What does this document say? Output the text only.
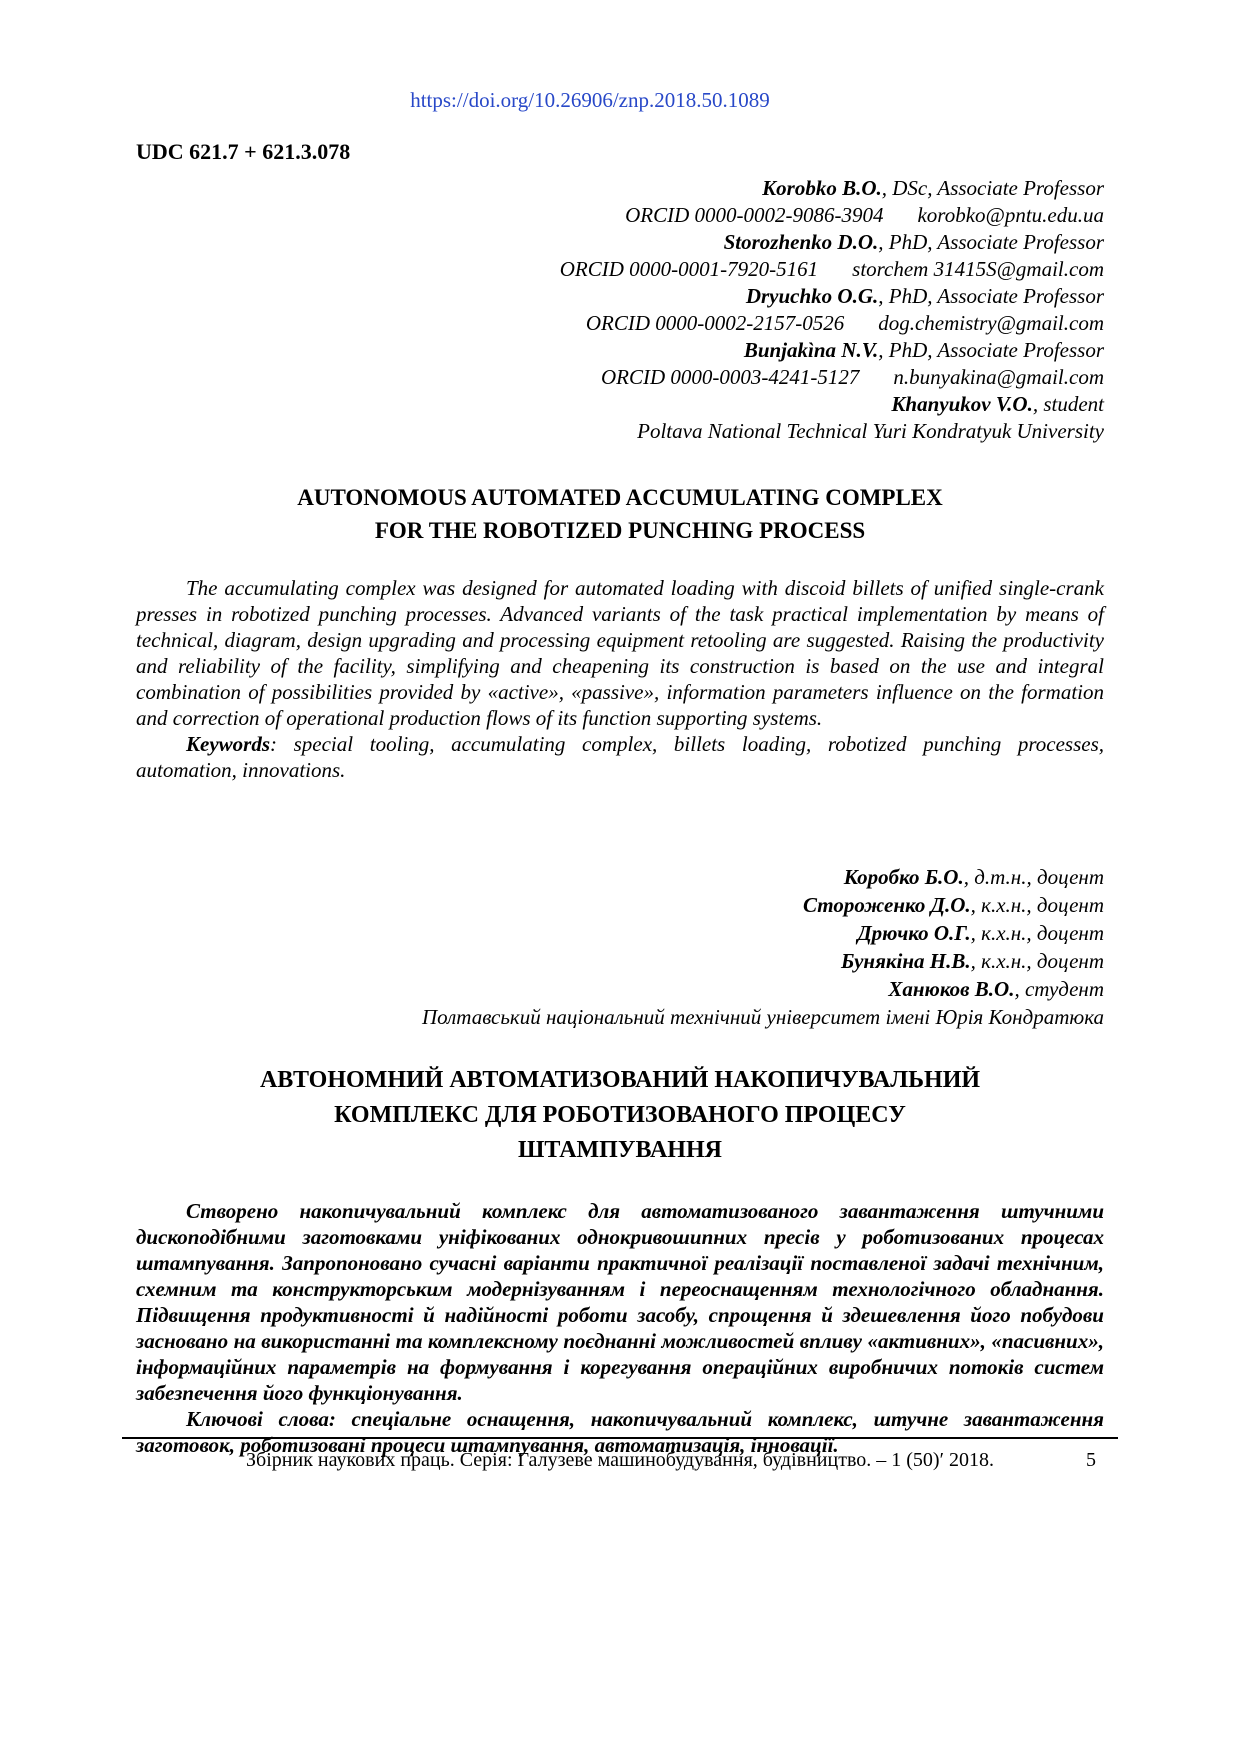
https://doi.org/10.26906/znp.2018.50.1089
UDC 621.7 + 621.3.078
Korobko B.O., DSc, Associate Professor
ORCID 0000-0002-9086-3904 korobko@pntu.edu.ua
Storozhenko D.O., PhD, Associate Professor
ORCID 0000-0001-7920-5161 storchem 31415S@gmail.com
Dryuchko O.G., PhD, Associate Professor
ORCID 0000-0002-2157-0526 dog.chemistry@gmail.com
Bunjakìna N.V., PhD, Associate Professor
ORCID 0000-0003-4241-5127 n.bunyakina@gmail.com
Khanyukov V.O., student
Poltava National Technical Yuri Kondratyuk University
AUTONOMOUS AUTOMATED ACCUMULATING COMPLEX
FOR THE ROBOTIZED PUNCHING PROCESS

The accumulating complex was designed for automated loading with discoid billets of unified single-crank presses in robotized punching processes. Advanced variants of the task practical implementation by means of technical, diagram, design upgrading and processing equipment retooling are suggested. Raising the productivity and reliability of the facility, simplifying and cheapening its construction is based on the use and integral combination of possibilities provided by «active», «passive», information parameters influence on the formation and correction of operational production flows of its function supporting systems.

Keywords: special tooling, accumulating complex, billets loading, robotized punching processes, automation, innovations.

Коробко Б.О., д.т.н., доцент
Стороженко Д.О., к.х.н., доцент
Дрючко О.Г., к.х.н., доцент
Бунякіна Н.В., к.х.н., доцент
Ханюков В.О., студент
Полтавський національний технічний університет імені Юрія Кондратюка
АВТОНОМНИЙ АВТОМАТИЗОВАНИЙ НАКОПИЧУВАЛЬНИЙ
КОМПЛЕКС ДЛЯ РОБОТИЗОВАНОГО ПРОЦЕСУ
ШТАМПУВАННЯ

Створено накопичувальний комплекс для автоматизованого завантаження штучними дископодібними заготовками уніфікованих однокривошипних пресів у роботизованих процесах штампування. Запропоновано сучасні варіанти практичної реалізації поставленої задачі технічним, схемним та конструкторським модернізуванням і переоснащенням технологічного обладнання. Підвищення продуктивності й надійності роботи засобу, спрощення й здешевлення його побудови засновано на використанні та комплексному поєднанні можливостей впливу «активних», «пасивних», інформаційних параметрів на формування і корегування операційних виробничих потоків систем забезпечення його функціонування.

Ключові слова: спеціальне оснащення, накопичувальний комплекс, штучне завантаження заготовок, роботизовані процеси штампування, автоматизація, інновації.

Збірник наукових праць. Серія: Галузеве машинобудування, будівництво. – 1 (50)′ 2018.	5
